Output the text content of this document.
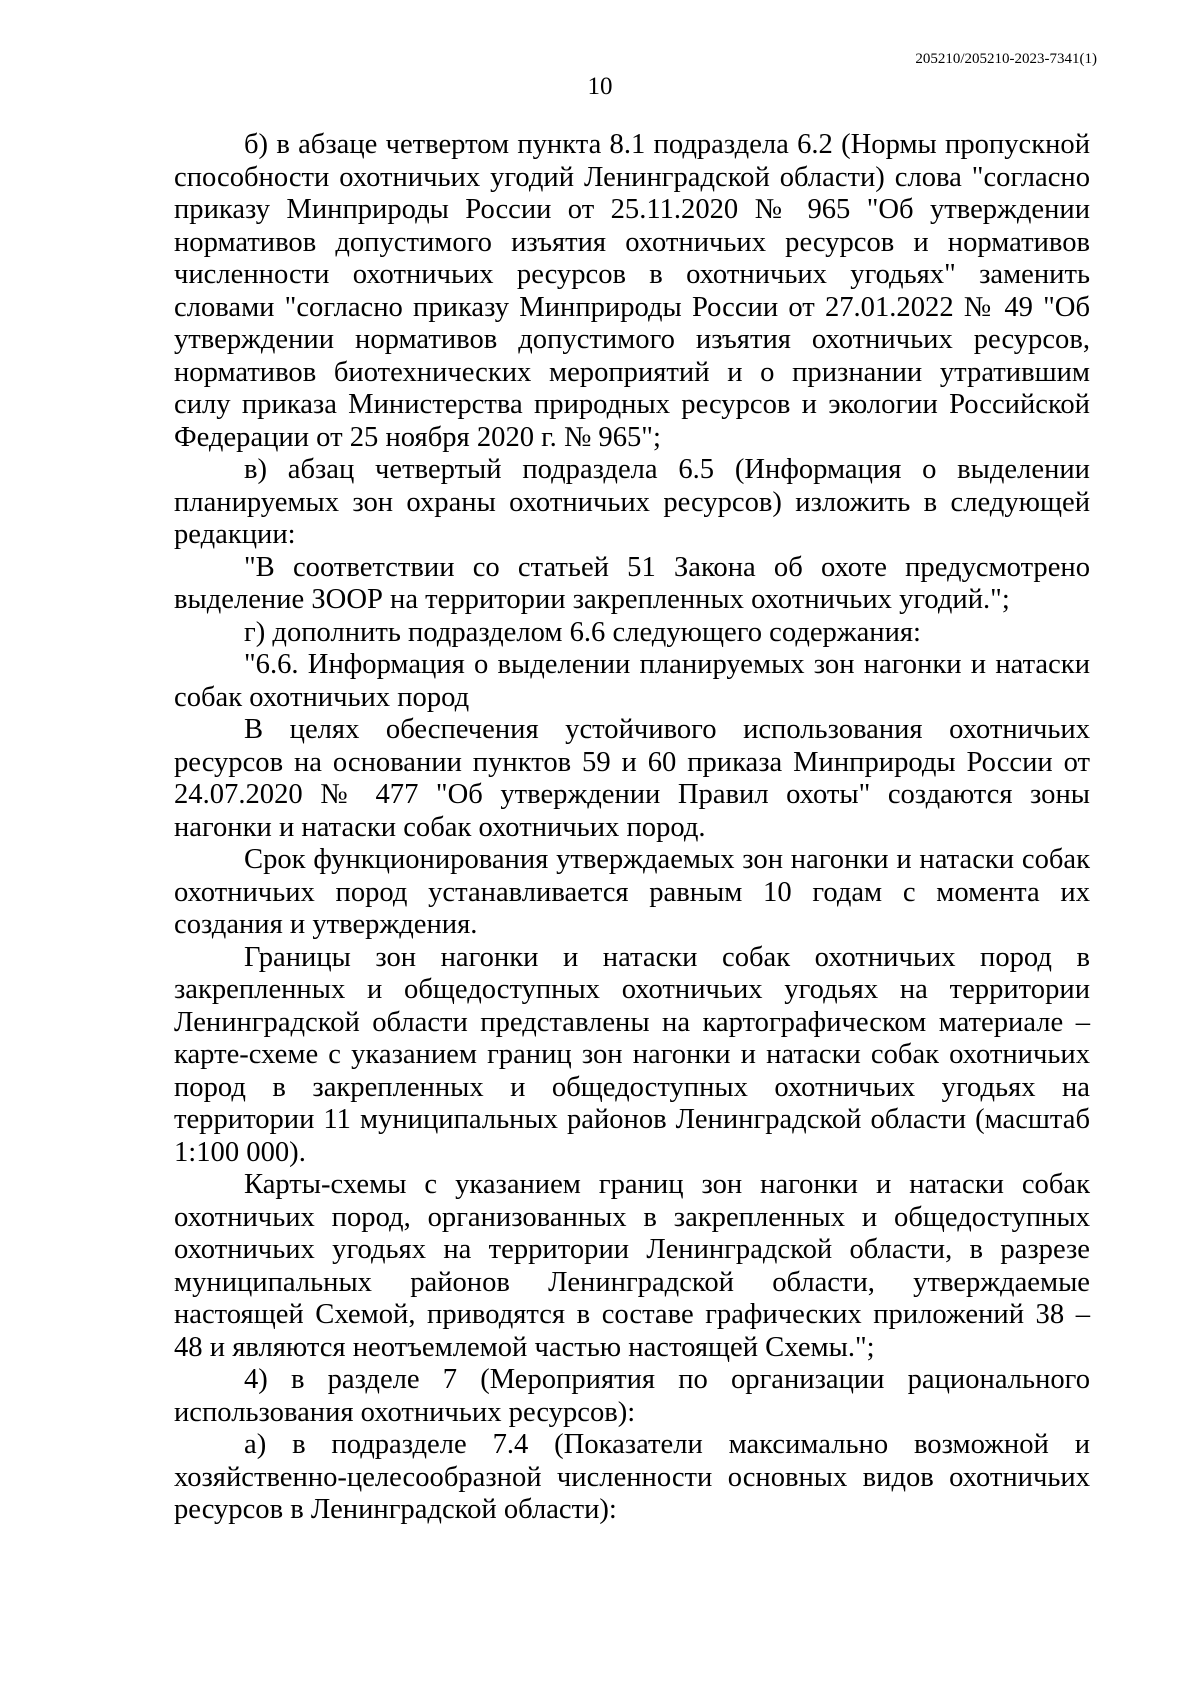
205210/205210-2023-7341(1)
10

б) в абзаце четвертом пункта 8.1 подраздела 6.2 (Нормы пропускной способности охотничьих угодий Ленинградской области) слова "согласно приказу Минприроды России от 25.11.2020 № 965 "Об утверждении нормативов допустимого изъятия охотничьих ресурсов и нормативов численности охотничьих ресурсов в охотничьих угодьях" заменить словами "согласно приказу Минприроды России от 27.01.2022 № 49 "Об утверждении нормативов допустимого изъятия охотничьих ресурсов, нормативов биотехнических мероприятий и о признании утратившим силу приказа Министерства природных ресурсов и экологии Российской Федерации от 25 ноября 2020 г. № 965";

в) абзац четвертый подраздела 6.5 (Информация о выделении планируемых зон охраны охотничьих ресурсов) изложить в следующей редакции:

"В соответствии со статьей 51 Закона об охоте предусмотрено выделение ЗООР на территории закрепленных охотничьих угодий.";

г) дополнить подразделом 6.6 следующего содержания:

"6.6. Информация о выделении планируемых зон нагонки и натаски собак охотничьих пород

В целях обеспечения устойчивого использования охотничьих ресурсов на основании пунктов 59 и 60 приказа Минприроды России от 24.07.2020 № 477 "Об утверждении Правил охоты" создаются зоны нагонки и натаски собак охотничьих пород.

Срок функционирования утверждаемых зон нагонки и натаски собак охотничьих пород устанавливается равным 10 годам с момента их создания и утверждения.

Границы зон нагонки и натаски собак охотничьих пород в закрепленных и общедоступных охотничьих угодьях на территории Ленинградской области представлены на картографическом материале – карте-схеме с указанием границ зон нагонки и натаски собак охотничьих пород в закрепленных и общедоступных охотничьих угодьях на территории 11 муниципальных районов Ленинградской области (масштаб 1:100 000).

Карты-схемы с указанием границ зон нагонки и натаски собак охотничьих пород, организованных в закрепленных и общедоступных охотничьих угодьях на территории Ленинградской области, в разрезе муниципальных районов Ленинградской области, утверждаемые настоящей Схемой, приводятся в составе графических приложений 38 – 48 и являются неотъемлемой частью настоящей Схемы.";

4) в разделе 7 (Мероприятия по организации рационального использования охотничьих ресурсов):

а) в подразделе 7.4 (Показатели максимально возможной и хозяйственно-целесообразной численности основных видов охотничьих ресурсов в Ленинградской области):
